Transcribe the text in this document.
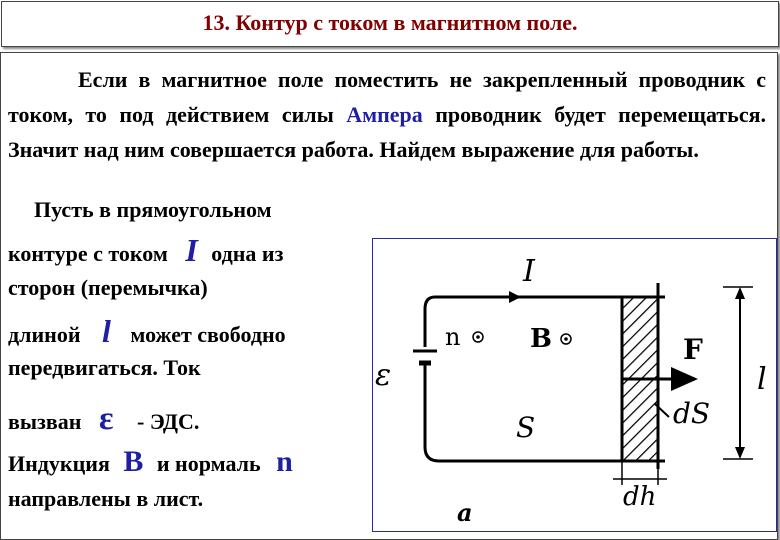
13. Контур с током в магнитном поле.
Если в магнитное поле поместить не закрепленный проводник с током, то под действием силы Ампера проводник будет перемещаться. Значит над ним совершается работа. Найдем выражение для работы.
Пусть в прямоугольном
контуре с током I одна из
сторон (перемычка)
длиной l может свободно
передвигаться. Ток
вызван ε - ЭДС.
Индукция B и нормаль n
направлены в лист.
I
n	B	F
ε	l
dS
S
dh
a
